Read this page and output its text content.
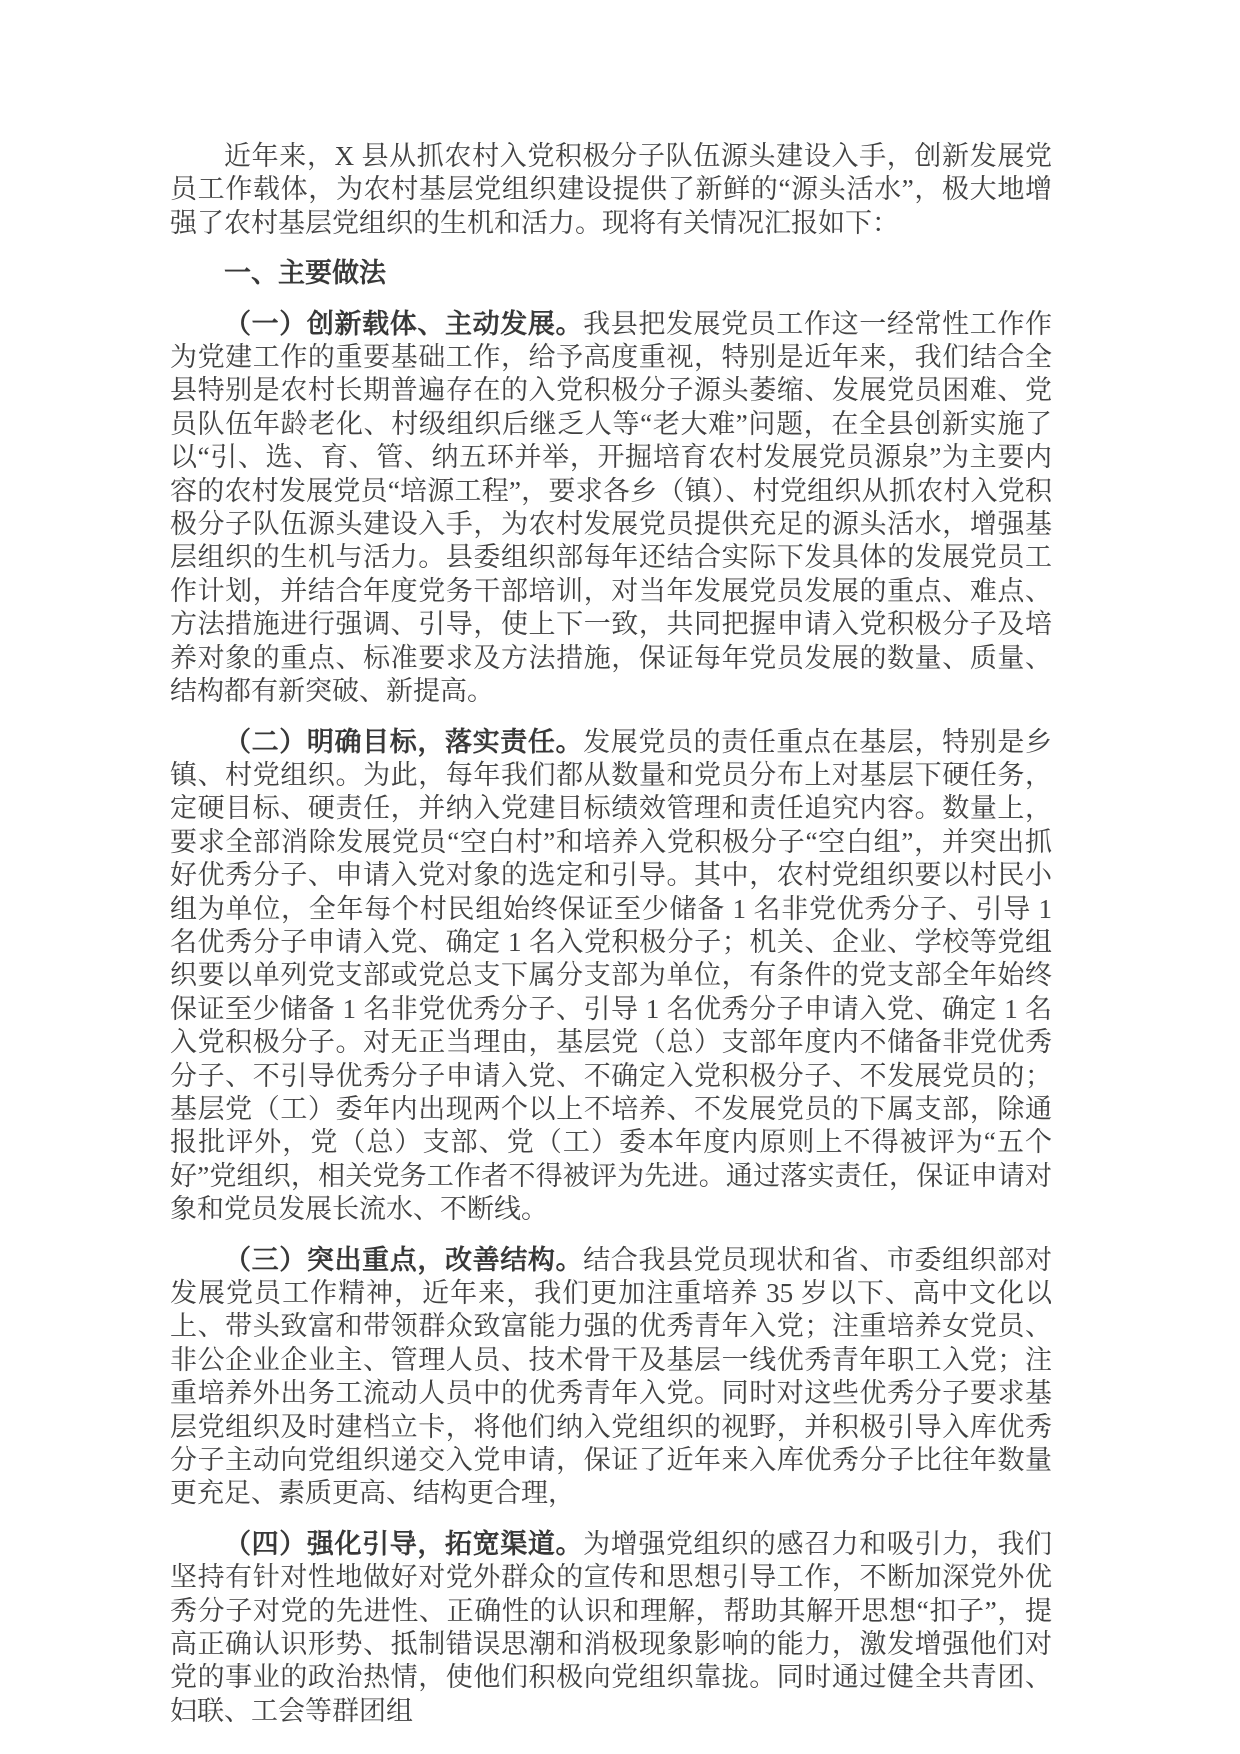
近年来，X 县从抓农村入党积极分子队伍源头建设入手，创新发展党员工作载体，为农村基层党组织建设提供了新鲜的“源头活水”，极大地增强了农村基层党组织的生机和活力。现将有关情况汇报如下：

一、主要做法

（一）创新载体、主动发展。我县把发展党员工作这一经常性工作作为党建工作的重要基础工作，给予高度重视，特别是近年来，我们结合全县特别是农村长期普遍存在的入党积极分子源头萎缩、发展党员困难、党员队伍年龄老化、村级组织后继乏人等“老大难”问题，在全县创新实施了以“引、选、育、管、纳五环并举，开掘培育农村发展党员源泉”为主要内容的农村发展党员“培源工程”，要求各乡（镇）、村党组织从抓农村入党积极分子队伍源头建设入手，为农村发展党员提供充足的源头活水，增强基层组织的生机与活力。县委组织部每年还结合实际下发具体的发展党员工作计划，并结合年度党务干部培训，对当年发展党员发展的重点、难点、方法措施进行强调、引导，使上下一致，共同把握申请入党积极分子及培养对象的重点、标准要求及方法措施，保证每年党员发展的数量、质量、结构都有新突破、新提高。

（二）明确目标，落实责任。发展党员的责任重点在基层，特别是乡镇、村党组织。为此，每年我们都从数量和党员分布上对基层下硬任务，定硬目标、硬责任，并纳入党建目标绩效管理和责任追究内容。数量上，要求全部消除发展党员“空白村”和培养入党积极分子“空白组”，并突出抓好优秀分子、申请入党对象的选定和引导。其中，农村党组织要以村民小组为单位，全年每个村民组始终保证至少储备 1 名非党优秀分子、引导 1 名优秀分子申请入党、确定 1 名入党积极分子；机关、企业、学校等党组织要以单列党支部或党总支下属分支部为单位，有条件的党支部全年始终保证至少储备 1 名非党优秀分子、引导 1 名优秀分子申请入党、确定 1 名入党积极分子。对无正当理由，基层党（总）支部年度内不储备非党优秀分子、不引导优秀分子申请入党、不确定入党积极分子、不发展党员的；基层党（工）委年内出现两个以上不培养、不发展党员的下属支部，除通报批评外，党（总）支部、党（工）委本年度内原则上不得被评为“五个好”党组织，相关党务工作者不得被评为先进。通过落实责任，保证申请对象和党员发展长流水、不断线。

（三）突出重点，改善结构。结合我县党员现状和省、市委组织部对发展党员工作精神，近年来，我们更加注重培养 35 岁以下、高中文化以上、带头致富和带领群众致富能力强的优秀青年入党；注重培养女党员、非公企业企业主、管理人员、技术骨干及基层一线优秀青年职工入党；注重培养外出务工流动人员中的优秀青年入党。同时对这些优秀分子要求基层党组织及时建档立卡，将他们纳入党组织的视野，并积极引导入库优秀分子主动向党组织递交入党申请，保证了近年来入库优秀分子比往年数量更充足、素质更高、结构更合理，

（四）强化引导，拓宽渠道。为增强党组织的感召力和吸引力，我们坚持有针对性地做好对党外群众的宣传和思想引导工作，不断加深党外优秀分子对党的先进性、正确性的认识和理解，帮助其解开思想“扣子”，提高正确认识形势、抵制错误思潮和消极现象影响的能力，激发增强他们对党的事业的政治热情，使他们积极向党组织靠拢。同时通过健全共青团、妇联、工会等群团组
